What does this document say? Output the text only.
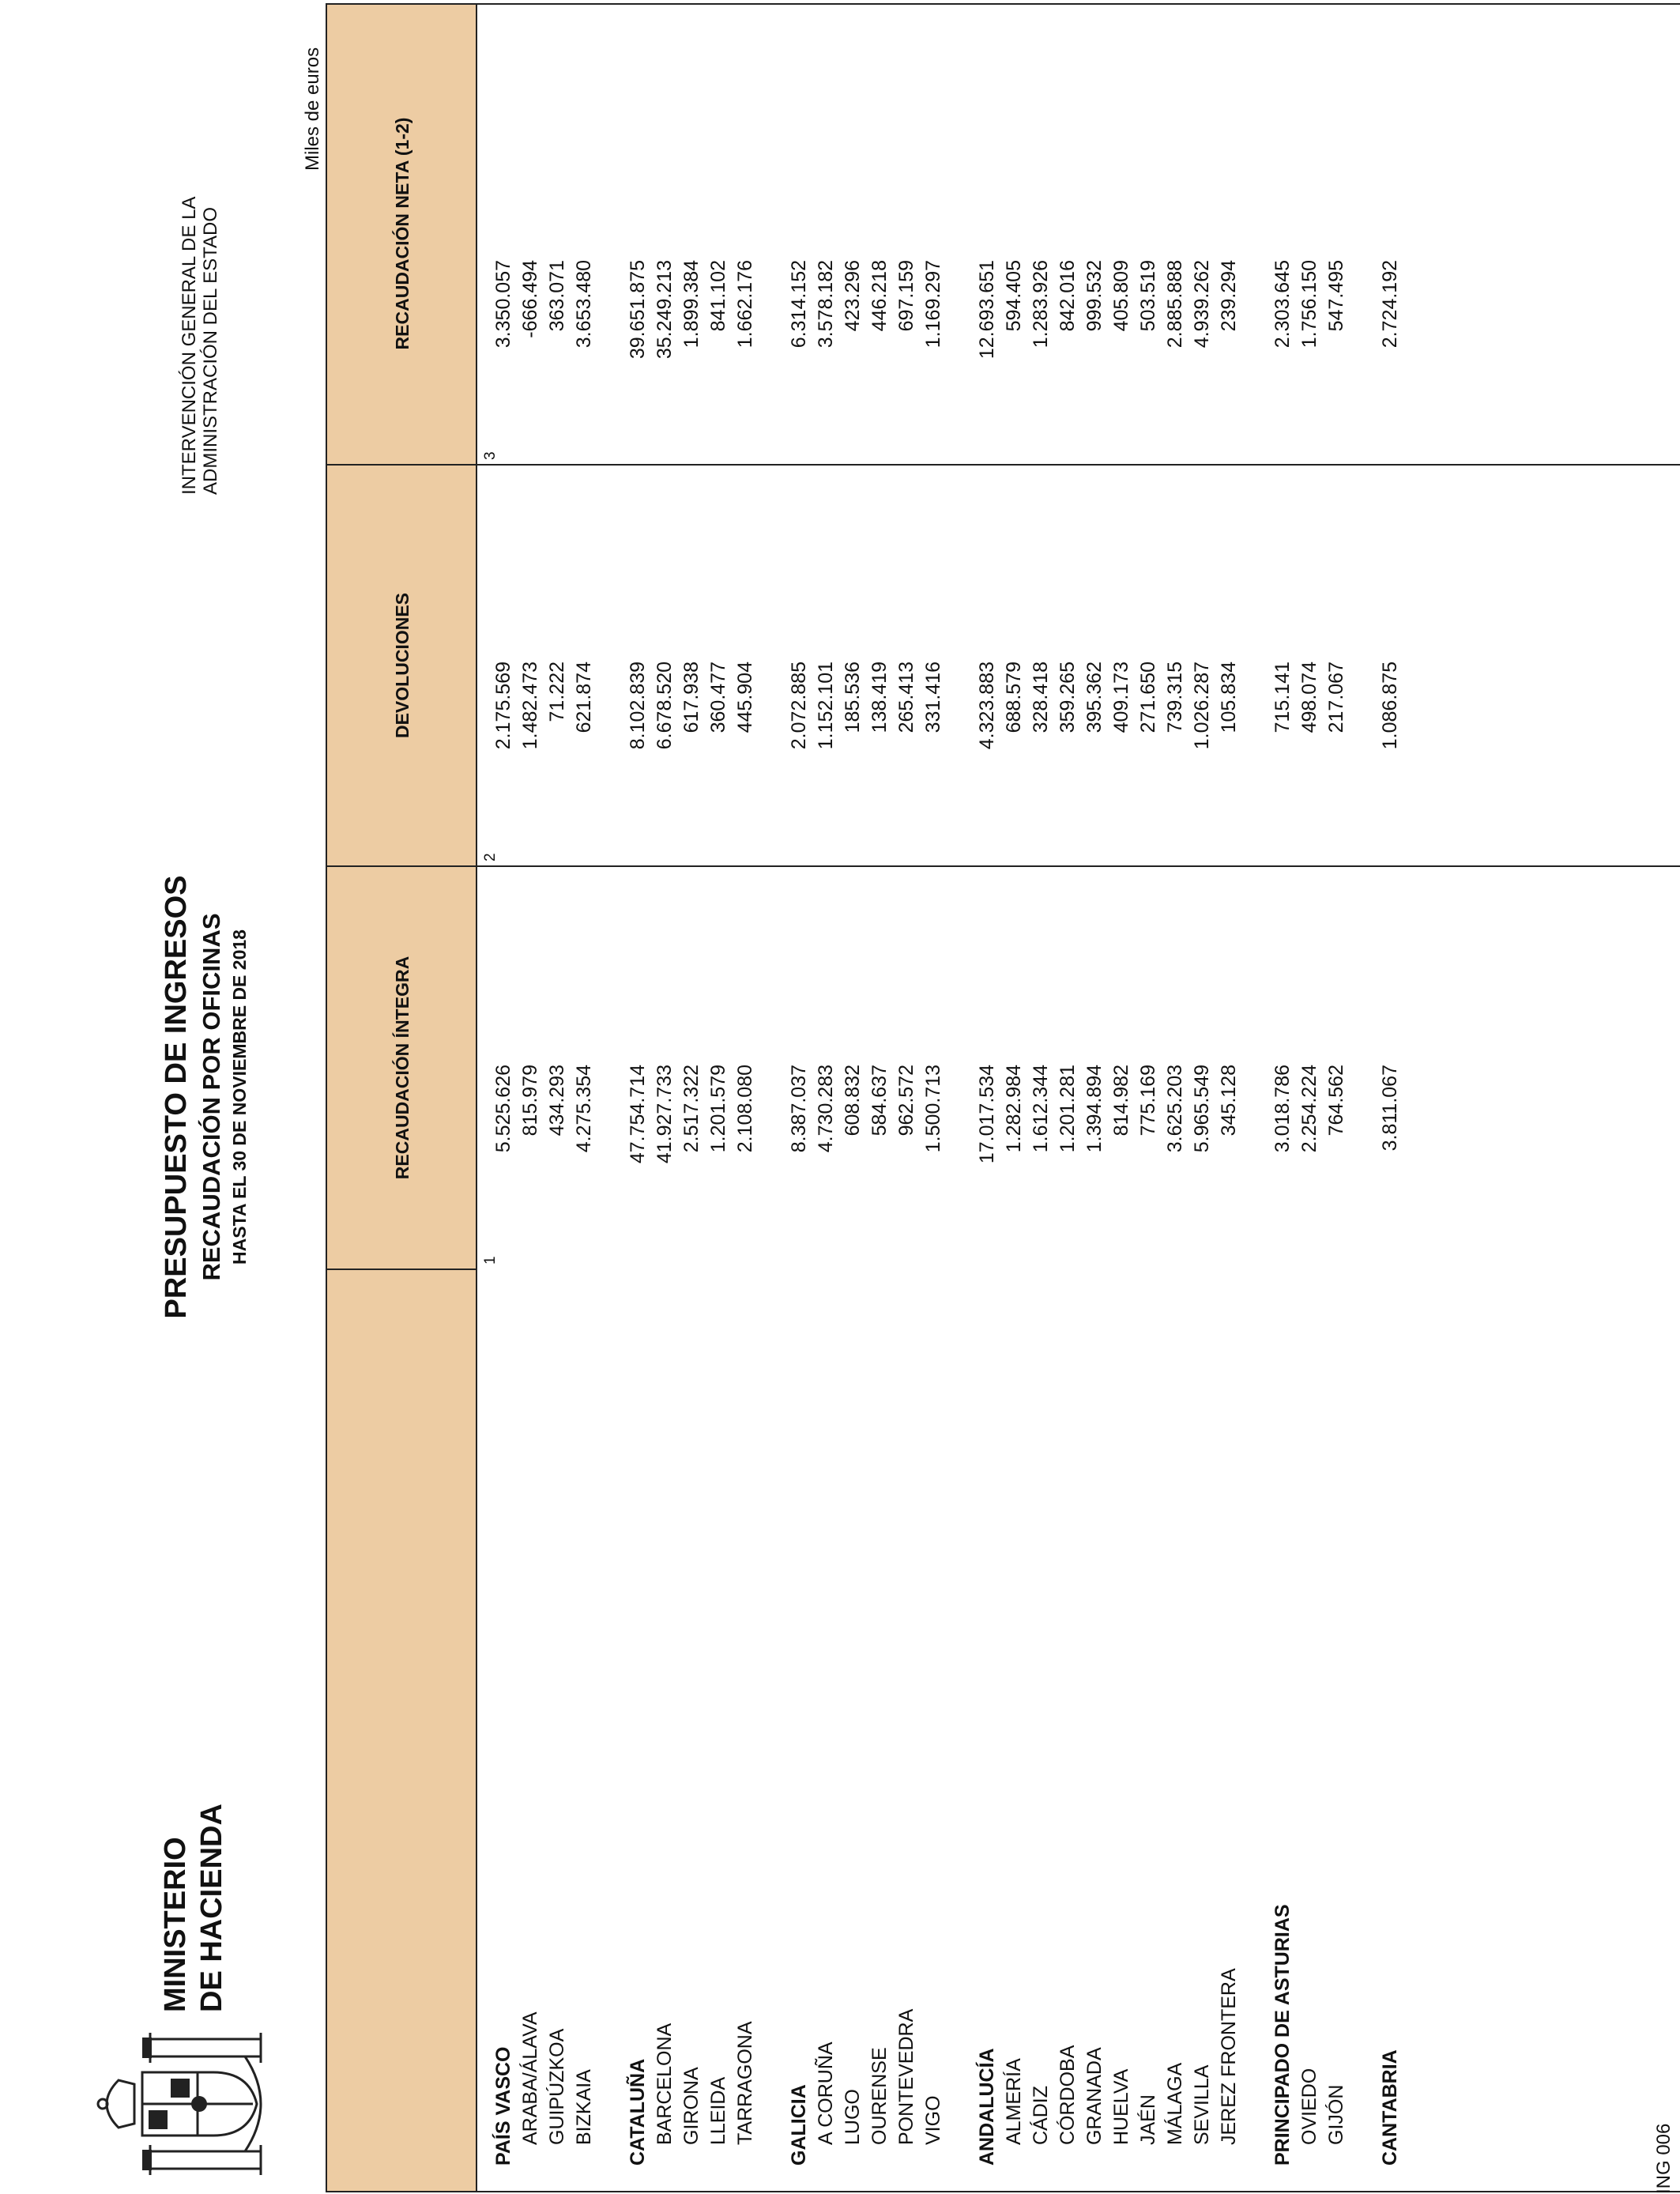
MINISTERIO DE HACIENDA
PRESUPUESTO DE INGRESOS RECAUDACIÓN POR OFICINAS HASTA EL 30 DE NOVIEMBRE DE 2018
INTERVENCIÓN GENERAL DE LA ADMINISTRACIÓN DEL ESTADO
Miles de euros
RECAUDACIÓN ÍNTEGRA
DEVOLUCIONES
RECAUDACIÓN NETA (1-2)
1
2
3
PAÍS VASCO
5.525.626
2.175.569
3.350.057
ARABA/ÁLAVA
815.979
1.482.473
-666.494
GUIPÚZKOA
434.293
71.222
363.071
BIZKAIA
4.275.354
621.874
3.653.480
CATALUÑA
47.754.714
8.102.839
39.651.875
BARCELONA
41.927.733
6.678.520
35.249.213
GIRONA
2.517.322
617.938
1.899.384
LLEIDA
1.201.579
360.477
841.102
TARRAGONA
2.108.080
445.904
1.662.176
GALICIA
8.387.037
2.072.885
6.314.152
A CORUÑA
4.730.283
1.152.101
3.578.182
LUGO
608.832
185.536
423.296
OURENSE
584.637
138.419
446.218
PONTEVEDRA
962.572
265.413
697.159
VIGO
1.500.713
331.416
1.169.297
ANDALUCÍA
17.017.534
4.323.883
12.693.651
ALMERÍA
1.282.984
688.579
594.405
CÁDIZ
1.612.344
328.418
1.283.926
CÓRDOBA
1.201.281
359.265
842.016
GRANADA
1.394.894
395.362
999.532
HUELVA
814.982
409.173
405.809
JAÉN
775.169
271.650
503.519
MÁLAGA
3.625.203
739.315
2.885.888
SEVILLA
5.965.549
1.026.287
4.939.262
JEREZ FRONTERA
345.128
105.834
239.294
PRINCIPADO DE ASTURIAS
3.018.786
715.141
2.303.645
OVIEDO
2.254.224
498.074
1.756.150
GIJÓN
764.562
217.067
547.495
CANTABRIA
3.811.067
1.086.875
2.724.192
ING 006
